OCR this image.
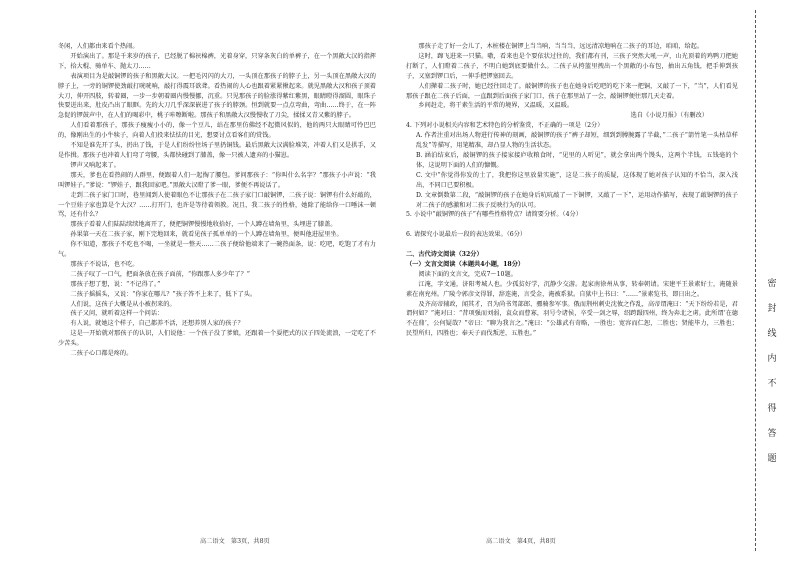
冬闲，人们都由来看个热闹。

开始演出了。那是千来岁的孩子，已经脱了棉祆棉裤，光着身穿，只穿条灰白的单裤子，在一个黑敞大汉的指挥下，拾大棍、骑单车、抛太刀……

表演项目为是敲铜锣的孩子和黑敞大汉。一把毛闪闪的大刀，一头顶在那孩子的脖子上，另一头顶在黑敞大汉的脖子上，一旁的铜锣使劲敲打咣咣响，敲打得震耳欲聋。看热闹的人心也跟着紧紧揪起来。就见黑敞大汉和孩子顶着大刀，伸开四肢，转着圈，一步一步朝着圈内慢慢挪，沉重。只见那孩子的脸涨得紫红紫黑，眼睛瞪得溜圆，眼珠子快要迸出来，肚皮凸出了眼眶。先的大刀几乎深深嵌进了孩子的脖颈。恒到就要一点点弯曲，弯曲……终于，在一阵急促的锣鼓声中，在人们的喝彩中，桃子咔嚓断啦。那孩子和黑敞大汉慢慢收了刀尖，揉揉又青又紫的脖子。

人们看着那孩子，那孩子瘦瘦小小的，像一个豆儿，站在那里仿佛经不起微风似的，他的两只大眼睛可怜巴巴的，像刚出生的小牛犊子，向着人们投来怯怯的目光，想要讨点看客们的赏钱。

不知是谁先开了头，扔出了钱，于是人们纷纷往场子里扔铜钱。最后黑敞大汉满脸堆笑，冲着人们又是拱手，又是作揖。那孩子也冲着人们弯了弯腰，头都快碰到了膝盖，像一只被人遗弃的小猫崽。

锣声又响起来了。

那天，爹也在看热闹的人群里，便跟着人们一起掏了腰包。爹问那孩子：“你叫什么名字？”那孩子小声说：“我叫锣娃子。”爹说：“锣娃子，跟我回家吧。”黑敞大汉瞪了爹一眼，爹便不再说话了。

走到二孩子家门口时，巷里闻到人使着眼色不让那孩子在二孩子家门口敲铜锣，二孩子说：铜锣有什么好敲的，一个豆娃子家也算是个大汉？……打开门，也许是等待着领教。况且，我二孩子的性格，她除了能给你一口唾沫一顿骂，还有什么？

那孩子看着人们陆陆续续地离开了，便把铜锣慢慢地收拾好，一个人蹲在墙角里，头埋进了膝盖。

孙果第一天在二孩子家，刚下完地回来，就看见孩子孤单单的一个人蹲在墙角里，便叫他进屋里坐。

你不知道，那孩子不吃也不喝，一坐就是一整天……二孩子便给他端来了一碗热面条，说：吃吧，吃饱了才有力气。

那孩子不说话，也不吃。

二孩子叹了一口气，把面条放在孩子面前，“你跟那人多少年了？”

那孩子想了想，说：“不记得了。”

二孩子摇摇头，又说：“你家在哪儿？”孩子答不上来了，低下了头。

人们说，这孩子大概是从小被拐来的。

孩子又问，就听着这样一个问话：

有人说，就她这个样子，自己都养不活，还想养别人家的孩子？

这是一开始就对那孩子的认识，人们说他：一个孩子没了爹娘，还跟着一个耍把式的汉子四处流浪，一定吃了不少苦头。

二孩子心口都是疼的。

高二语文　第3页，共8页

那孩子走了好一会儿了，木桩楼在铜锣上当当响，当当当，远远清凉地响在二孩子的耳边，咱咱，给起。

这时，蹿飞进来一只猫。嗷，看来也是个要依状过往的，我们都有刊，三孩子突然大吼一声，山光顶着的鸡鸭刀把她打断了，人们瞪着二孩子，不明白她到底要做什么。二孩子从挎篮里拽出一个黑敞的小布包，抽出五角钱，把手伸到孩子，又塞到锣口后，一伸手把锣塞回去。

人们撵着二孩子时，她已经往回走了。敲铜锣的孩子也在她身后吃吧的吃下来一把铜，又敲了一下，“当”，人们看见那孩子跟在二孩子后面，一直跟到后面孩子家门口，孩子在那里站了一会，敲铜锣便往那几天走着。

乡间赶走，将干素生活的平常的境界，又温暖，又温暖。

选自《小说月报》（有删改）

4. 下列对小说相关内容和艺术特色的分析鉴赏，不正确的一项是（2分）

A. 作者注重对出场人物进行传神的刻画，敲铜锣的孩子“裤子却短，细到到膊腕露了半截，”二孩子“箭竹笔一头枯草样乱发”等描写，用笔精准，却凸显人物的生活状态。

B. 涵泊结束后，敲铜锣的孩子接家接庐收粮食时，“见里的人听见”，就会拿出两个馒头，这两个半钱，五钱毫的个体，这说明下面的人们的慷慨。

C. 文中“你觉得你发的土了，我把你这里放量实施”，这是二孩子的质疑，这体现了她对孩子认知的不恰当，深入浅出，不同口已要积极。

D. 文章倒数第二段，“敲铜锣的孩子在她身后吭吭敲了一下铜锣，又敲了一下”，运用动作描写，表现了敲铜锣的孩子对二孩子的感激和对二孩子反映行为的认可。

5. 小说中“敲铜锣的孩子”有哪些性格特点？请简要分析。（4分）

6. 请探究小说最后一段的表达效果。（6分）

二、古代诗文阅读（32分）

（一）文言文阅读（本题共4小题，18分）

阅读下面的文言文，完成7～10题。

江淹，字文通，济阳考城人也。少孤贫好学，沉静少交游。起家南徐州从事，转奉朝请。宋建平王景素好士，淹随景素在南兖州。广陵令郭彦文得罪，辞连淹，言受金，淹被系狱。自狱中上书曰：“……”景素览书，即日出之。

及齐高帝辅政，闻其才，召为尚书驾部郎、骠骑参军事。俄而荆州刺史沈攸之作乱，高帝谓淹曰：“天下纷纷若是，君谓何如？”淹对曰：“昔项强而刘弱，袁众而曹寡，羽号令诸侯，卒受一剑之辱，绍跨蹑四州，终为奔北之虏。此所谓‘在德不在鼎’，公何疑哉？”帝曰：“聊为我言之。”淹曰：“公雄武有奇略，一胜也；宽容而仁恕，二胜也；贤能毕力，三胜也；民望所归，四胜也；奉天子而伐叛逆，五胜也。”

高二语文　第4页，共8页
密
封
线
内
不
得
答
题
